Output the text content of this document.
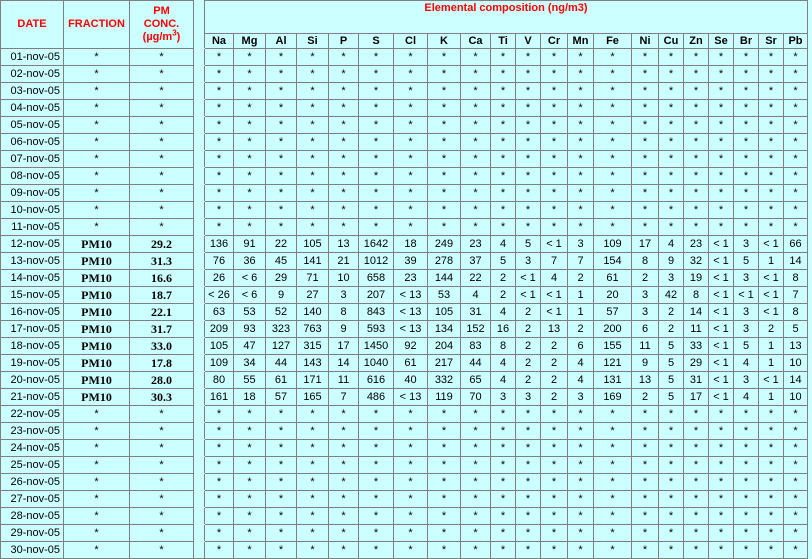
DATE	FRACTION	PM
CONC.
$(\mu g/m^3)$		Elemental composition (ng/m3)																				
				Na	Mg	Al	Si	P	S	Cl	K	Ca	Ti	V	Cr	Mn	Fe	Ni	Cu	Zn	Se	Br	Sr	Pb
01-nov-05	*	*		*	*	*	*	*	*	*	*	*	*	*	*	*	*	*	*	*	*	*	*	*
02-nov-05	*	*		*	*	*	*	*	*	*	*	*	*	*	*	*	*	*	*	*	*	*	*	*
03-nov-05	*	*		*	*	*	*	*	*	*	*	*	*	*	*	*	*	*	*	*	*	*	*	*
04-nov-05	*	*		*	*	*	*	*	*	*	*	*	*	*	*	*	*	*	*	*	*	*	*	*
05-nov-05	*	*		*	*	*	*	*	*	*	*	*	*	*	*	*	*	*	*	*	*	*	*	*
06-nov-05	*	*		*	*	*	*	*	*	*	*	*	*	*	*	*	*	*	*	*	*	*	*	*
07-nov-05	*	*		*	*	*	*	*	*	*	*	*	*	*	*	*	*	*	*	*	*	*	*	*
08-nov-05	*	*		*	*	*	*	*	*	*	*	*	*	*	*	*	*	*	*	*	*	*	*	*
09-nov-05	*	*		*	*	*	*	*	*	*	*	*	*	*	*	*	*	*	*	*	*	*	*	*
10-nov-05	*	*		*	*	*	*	*	*	*	*	*	*	*	*	*	*	*	*	*	*	*	*	*
11-nov-05	*	*		*	*	*	*	*	*	*	*	*	*	*	*	*	*	*	*	*	*	*	*	*
12-nov-05	PM10	29.2		136	91	22	105	13	1642	18	249	23	4	5	< 1	3	109	17	4	23	< 1	3	< 1	66
13-nov-05	PM10	31.3		76	36	45	141	21	1012	39	278	37	5	3	7	7	154	8	9	32	< 1	5	1	14
14-nov-05	PM10	16.6		26	< 6	29	71	10	658	23	144	22	2	< 1	4	2	61	2	3	19	< 1	3	< 1	8
15-nov-05	PM10	18.7		< 26	< 6	9	27	3	207	< 13	53	4	2	< 1	< 1	1	20	3	42	8	< 1	< 1	< 1	7
16-nov-05	PM10	22.1		63	53	52	140	8	843	< 13	105	31	4	2	< 1	1	57	3	2	14	< 1	3	< 1	8
17-nov-05	PM10	31.7		209	93	323	763	9	593	< 13	134	152	16	2	13	2	200	6	2	11	< 1	3	2	5
18-nov-05	PM10	33.0		105	47	127	315	17	1450	92	204	83	8	2	2	6	155	11	5	33	< 1	5	1	13
19-nov-05	PM10	17.8		109	34	44	143	14	1040	61	217	44	4	2	2	4	121	9	5	29	< 1	4	1	10
20-nov-05	PM10	28.0		80	55	61	171	11	616	40	332	65	4	2	2	4	131	13	5	31	< 1	3	< 1	14
21-nov-05	PM10	30.3		161	18	57	165	7	486	< 13	119	70	3	3	2	3	169	2	5	17	< 1	4	1	10
22-nov-05	*	*		*	*	*	*	*	*	*	*	*	*	*	*	*	*	*	*	*	*	*	*	*
23-nov-05	*	*		*	*	*	*	*	*	*	*	*	*	*	*	*	*	*	*	*	*	*	*	*
24-nov-05	*	*		*	*	*	*	*	*	*	*	*	*	*	*	*	*	*	*	*	*	*	*	*
25-nov-05	*	*		*	*	*	*	*	*	*	*	*	*	*	*	*	*	*	*	*	*	*	*	*
26-nov-05	*	*		*	*	*	*	*	*	*	*	*	*	*	*	*	*	*	*	*	*	*	*	*
27-nov-05	*	*		*	*	*	*	*	*	*	*	*	*	*	*	*	*	*	*	*	*	*	*	*
28-nov-05	*	*		*	*	*	*	*	*	*	*	*	*	*	*	*	*	*	*	*	*	*	*	*
29-nov-05	*	*		*	*	*	*	*	*	*	*	*	*	*	*	*	*	*	*	*	*	*	*	*
30-nov-05	*	*		*	*	*	*	*	*	*	*	*	*	*	*	*	*	*	*	*	*	*	*	*
